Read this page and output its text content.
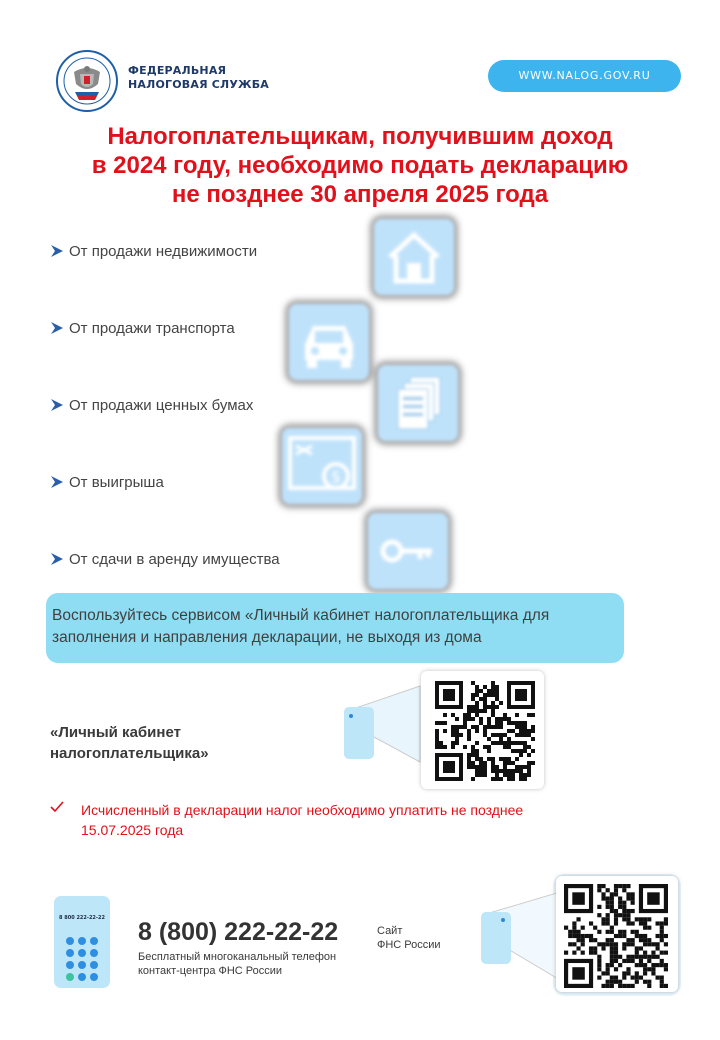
ФЕДЕРАЛЬНАЯ
НАЛОГОВАЯ СЛУЖБА
WWW.NALOG.GOV.RU
Налогоплательщикам, получившим доход
в 2024 году, необходимо подать декларацию
не позднее 30 апреля 2025 года
От продажи недвижимости
От продажи транспорта
От продажи ценных бумах
От выигрыша
От сдачи в аренду имущества
$
Воспользуйтесь сервисом «Личный кабинет налогоплательщика для
заполнения и направления декларации, не выходя из дома
«Личный кабинет
налогоплательщика»
Исчисленный в декларации налог необходимо уплатить не позднее
15.07.2025 года
8 800 222-22-22 8 (800) 222-22-22
Бесплатный многоканальный телефон
контакт-центра ФНС России
Сайт
ФНС России
